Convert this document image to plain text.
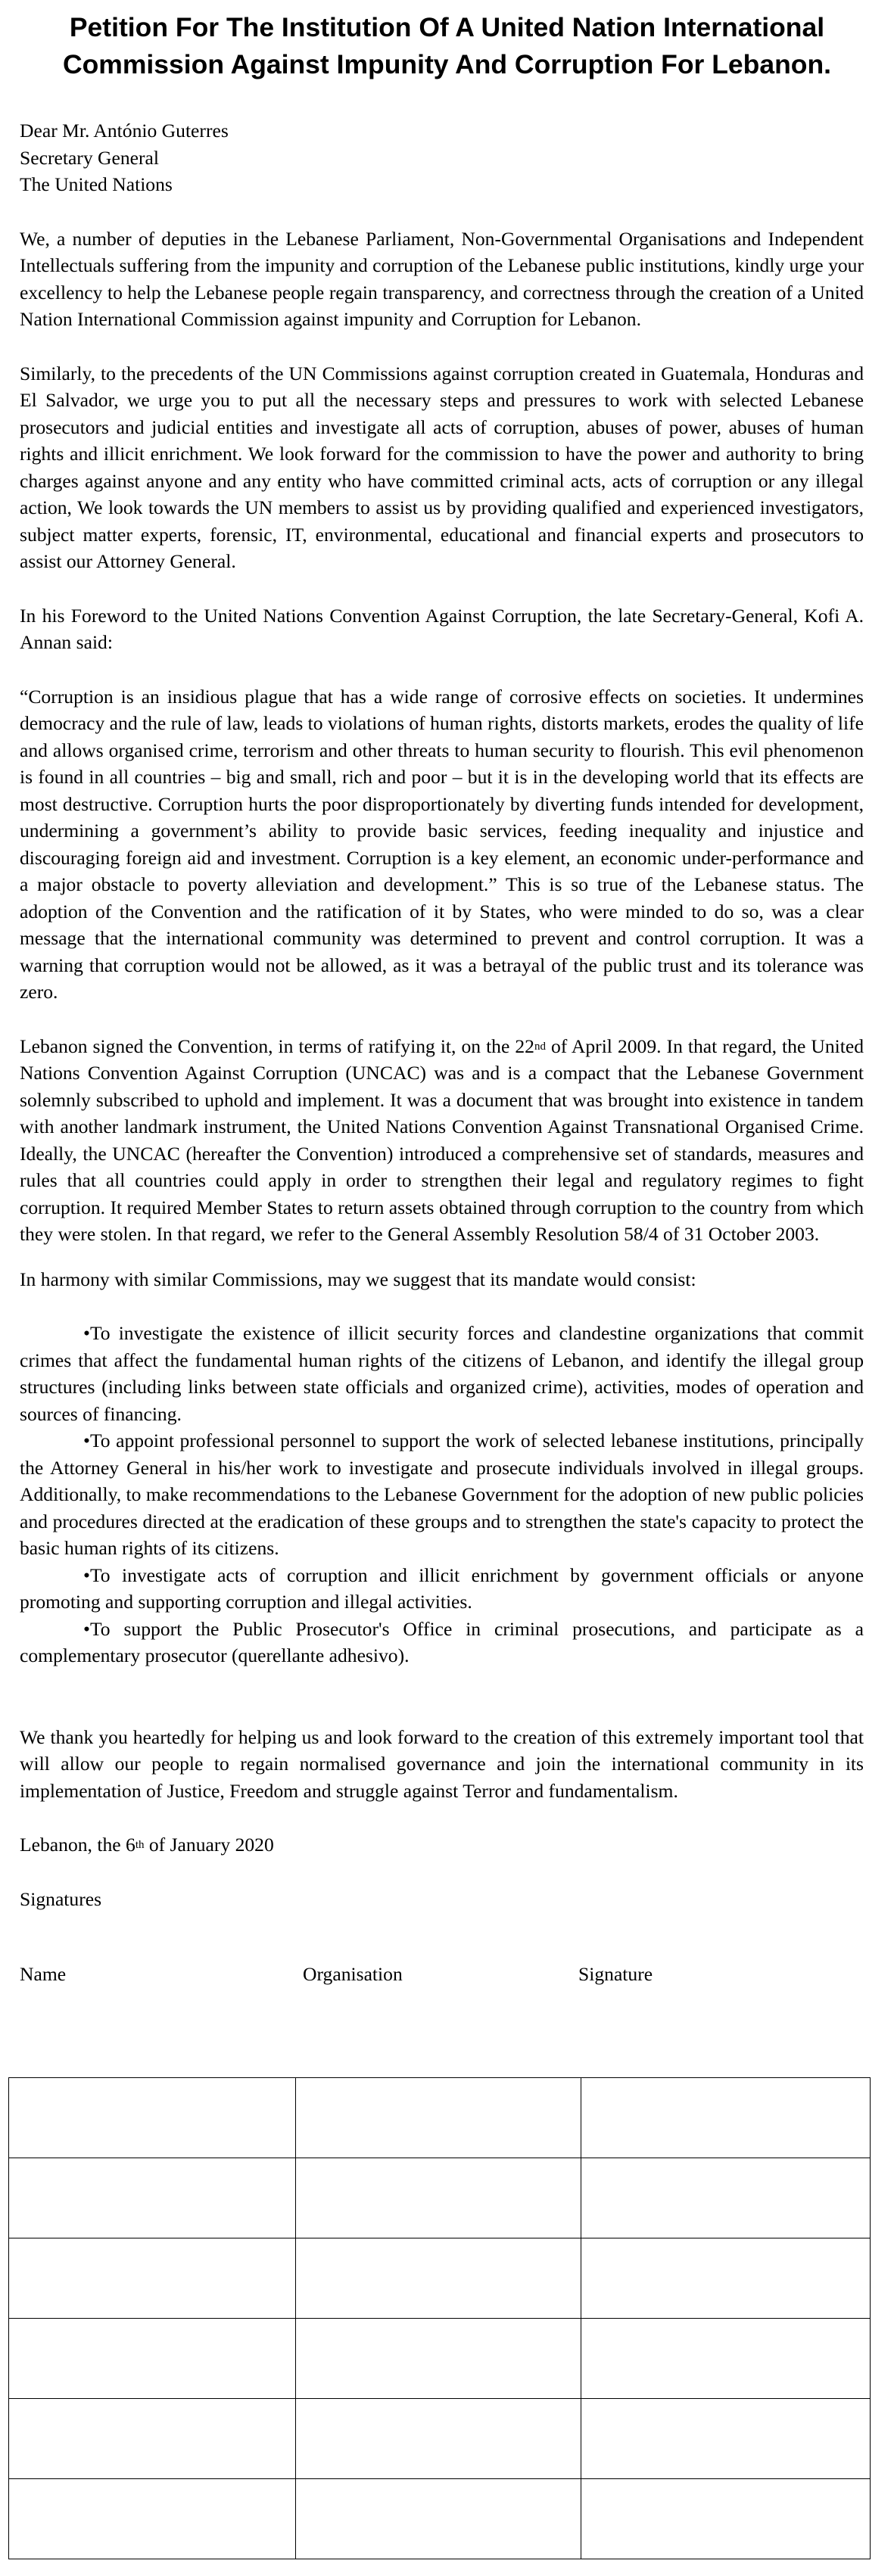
Petition For The Institution Of A United Nation International
Commission Against Impunity And Corruption For Lebanon.
Dear Mr. António Guterres
Secretary General
The United Nations

We, a number of deputies in the Lebanese Parliament, Non-Governmental Organisations and Independent Intellectuals suffering from the impunity and corruption of the Lebanese public institutions, kindly urge your excellency to help the Lebanese people regain transparency, and correctness through the creation of a United Nation International Commission against impunity and Corruption for Lebanon.

Similarly, to the precedents of the UN Commissions against corruption created in Guatemala, Honduras and El Salvador, we urge you to put all the necessary steps and pressures to work with selected Lebanese prosecutors and judicial entities and investigate all acts of corruption, abuses of power, abuses of human rights and illicit enrichment. We look forward for the commission to have the power and authority to bring charges against anyone and any entity who have committed criminal acts, acts of corruption or any illegal action, We look towards the UN members to assist us by providing qualified and experienced investigators, subject matter experts, forensic, IT, environmental, educational and financial experts and prosecutors to assist our Attorney General.

In his Foreword to the United Nations Convention Against Corruption, the late Secretary-General, Kofi A. Annan said:

“Corruption is an insidious plague that has a wide range of corrosive effects on societies. It undermines democracy and the rule of law, leads to violations of human rights, distorts markets, erodes the quality of life and allows organised crime, terrorism and other threats to human security to flourish. This evil phenomenon is found in all countries – big and small, rich and poor – but it is in the developing world that its effects are most destructive. Corruption hurts the poor disproportionately by diverting funds intended for development, undermining a government’s ability to provide basic services, feeding inequality and injustice and discouraging foreign aid and investment. Corruption is a key element, an economic under-performance and a major obstacle to poverty alleviation and development.” This is so true of the Lebanese status. The adoption of the Convention and the ratification of it by States, who were minded to do so, was a clear message that the international community was determined to prevent and control corruption. It was a warning that corruption would not be allowed, as it was a betrayal of the public trust and its tolerance was zero.

Lebanon signed the Convention, in terms of ratifying it, on the 22nd of April 2009. In that regard, the United Nations Convention Against Corruption (UNCAC) was and is a compact that the Lebanese Government solemnly subscribed to uphold and implement. It was a document that was brought into existence in tandem with another landmark instrument, the United Nations Convention Against Transnational Organised Crime. Ideally, the UNCAC (hereafter the Convention) introduced a comprehensive set of standards, measures and rules that all countries could apply in order to strengthen their legal and regulatory regimes to fight corruption. It required Member States to return assets obtained through corruption to the country from which they were stolen. In that regard, we refer to the General Assembly Resolution 58/4 of 31 October 2003.

In harmony with similar Commissions, may we suggest that its mandate would consist:

•To investigate the existence of illicit security forces and clandestine organizations that commit crimes that affect the fundamental human rights of the citizens of Lebanon, and identify the illegal group structures (including links between state officials and organized crime), activities, modes of operation and sources of financing.

•To appoint professional personnel to support the work of selected lebanese institutions, principally the Attorney General in his/her work to investigate and prosecute individuals involved in illegal groups. Additionally, to make recommendations to the Lebanese Government for the adoption of new public policies and procedures directed at the eradication of these groups and to strengthen the state's capacity to protect the basic human rights of its citizens.

•To investigate acts of corruption and illicit enrichment by government officials or anyone promoting and supporting corruption and illegal activities.

•To support the Public Prosecutor's Office in criminal prosecutions, and participate as a complementary prosecutor (querellante adhesivo).

We thank you heartedly for helping us and look forward to the creation of this extremely important tool that will allow our people to regain normalised governance and join the international community in its implementation of Justice, Freedom and struggle against Terror and fundamentalism.

Lebanon, the 6th of January 2020

Signatures

Name	Organisation	Signature
